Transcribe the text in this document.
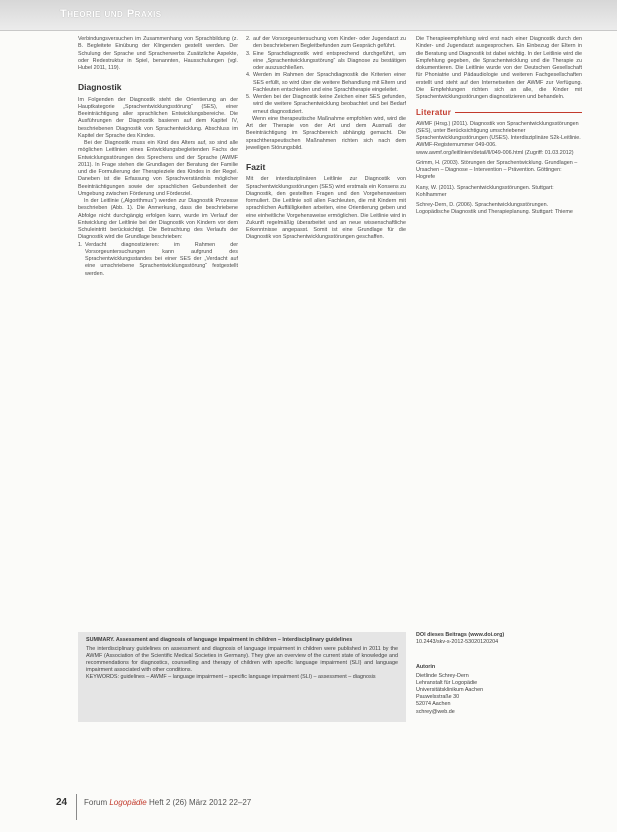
Theorie und Praxis

Verbindungsversuchen im Zusammenhang von Sprachbildung (z. B. Begleitete Einübung der Klingenden gestellt werden. Der Schulung der Sprache und Spracherwerbs Zusätzliche Aspekte, oder Redestruktur in Spiel, benannten, Hausschulungen (vgl. Hubel 2011, 119).

Diagnostik

Im Folgenden der Diagnostik steht die Orientierung an der Hauptkategorie „Sprachentwicklungsstörung“ (SES), einer Beeinträchtigung aller sprachlichen Entwicklungsbereiche. Die Ausführungen der Diagnostik basieren auf dem Kapitel IV, beschriebenen Diagnostik von Sprachentwicklung. Abschluss im Kapitel der Sprache des Kindes.

Bei der Diagnostik muss ein Kind des Alters auf, so sind alle möglichen Leitlinien eines Entwicklungsbegleitenden Fachs der Entwicklungsstörungen des Sprechens und der Sprache (AWMF 2011). In Frage stehen die Grundlagen der Beratung der Familie und die Formulierung der Therapieziele des Kindes in der Regel. Daneben ist die Erfassung von Sprachverständnis möglicher Beeinträchtigungen sowie der sprachlichen Gebundenheit der Umgebung zwischen Förderung und Förderziel.

In der Leitlinie („Algorithmus“) werden zur Diagnostik Prozesse beschrieben (Abb. 1). Die Anmerkung, dass die beschriebene Abfolge nicht durchgängig erfolgen kann, wurde im Verlauf der Entwicklung der Leitlinie bei der Diagnostik von Kindern vor dem Schuleintritt berücksichtigt. Die Betrachtung des Verlaufs der Diagnostik wird die Grundlage beschrieben:

1. Verdacht diagnostizieren: im Rahmen der Vorsorgeuntersuchungen kann aufgrund des Sprachentwicklungsstandes bei einer SES der „Verdacht auf eine umschriebene Sprachentwicklungsstörung“ festgestellt werden.
2. auf der Vorsorgeuntersuchung vom Kinder- oder Jugendarzt zu den beschriebenen Begleitbefunden zum Gespräch geführt.
3. Eine Sprachdiagnostik wird entsprechend durchgeführt, um eine „Sprachentwicklungsstörung“ als Diagnose zu bestätigen oder auszuschließen.
4. Werden im Rahmen der Sprachdiagnostik die Kriterien einer SES erfüllt, so wird über die weitere Behandlung mit Eltern und Fachleuten entschieden und eine Sprachtherapie eingeleitet.
5. Werden bei der Diagnostik keine Zeichen einer SES gefunden, wird die weitere Sprachentwicklung beobachtet und bei Bedarf erneut diagnostiziert.

Wenn eine therapeutische Maßnahme empfohlen wird, wird die Art der Therapie von der Art und dem Ausmaß der Beeinträchtigung im Sprachbereich abhängig gemacht. Die sprachtherapeutischen Maßnahmen richten sich nach dem jeweiligen Störungsbild.

Fazit

Mit der interdisziplinären Leitlinie zur Diagnostik von Sprachentwicklungsstörungen (SES) wird erstmals ein Konsens zu Diagnostik, den gestellten Fragen und den Vorgehensweisen formuliert. Die Leitlinie soll allen Fachleuten, die mit Kindern mit sprachlichen Auffälligkeiten arbeiten, eine Orientierung geben und eine einheitliche Vorgehensweise ermöglichen. Die Leitlinie wird in Zukunft regelmäßig überarbeitet und an neue wissenschaftliche Erkenntnisse angepasst. Somit ist eine Grundlage für die Diagnostik von Sprachentwicklungsstörungen geschaffen.

Die Therapieempfehlung wird erst nach einer Diagnostik durch den Kinder- und Jugendarzt ausgesprochen. Ein Einbezug der Eltern in die Beratung und Diagnostik ist dabei wichtig. In der Leitlinie wird die Empfehlung gegeben, die Sprachentwicklung und die Therapie zu dokumentieren. Die Leitlinie wurde von der Deutschen Gesellschaft für Phoniatrie und Pädaudiologie und weiteren Fachgesellschaften erstellt und steht auf den Internetseiten der AWMF zur Verfügung. Die Empfehlungen richten sich an alle, die Kinder mit Sprachentwicklungsstörungen diagnostizieren und behandeln.

Literatur
AWMF (Hrsg.) (2011). Diagnostik von Sprachentwicklungsstörungen (SES), unter Berücksichtigung umschriebener Sprachentwicklungsstörungen (USES). Interdisziplinäre S2k-Leitlinie. AWMF-Registernummer 049-006. www.awmf.org/leitlinien/detail/ll/049-006.html (Zugriff: 01.03.2012)
Grimm, H. (2003). Störungen der Sprachentwicklung. Grundlagen – Ursachen – Diagnose – Intervention – Prävention. Göttingen: Hogrefe
Kany, W. (2011). Sprachentwicklungsstörungen. Stuttgart: Kohlhammer
Schrey-Dern, D. (2006). Sprachentwicklungsstörungen. Logopädische Diagnostik und Therapieplanung. Stuttgart: Thieme
SUMMARY. Assessment and diagnosis of language impairment in children – Interdisciplinary guidelines
The interdisciplinary guidelines on assessment and diagnosis of language impairment in children were published in 2011 by the AWMF (Association of the Scientific Medical Societies in Germany). They give an overview of the current state of knowledge and recommendations for diagnostics, counselling and therapy of children with specific language impairment (SLI) and language impairment associated with other conditions.
KEYWORDS: guidelines – AWMF – language impairment – specific language impairment (SLI) – assessment – diagnosis
DOI dieses Beitrags (www.doi.org)
10.2443/skv-s-2012-53020120204
Autorin
Dietlinde Schrey-Dern
Lehranstalt für Logopädie
Universitätsklinikum Aachen
Pauwelsstraße 30
52074 Aachen
schrey@web.de
24 Forum Logopädie Heft 2 (26) März 2012 22–27
